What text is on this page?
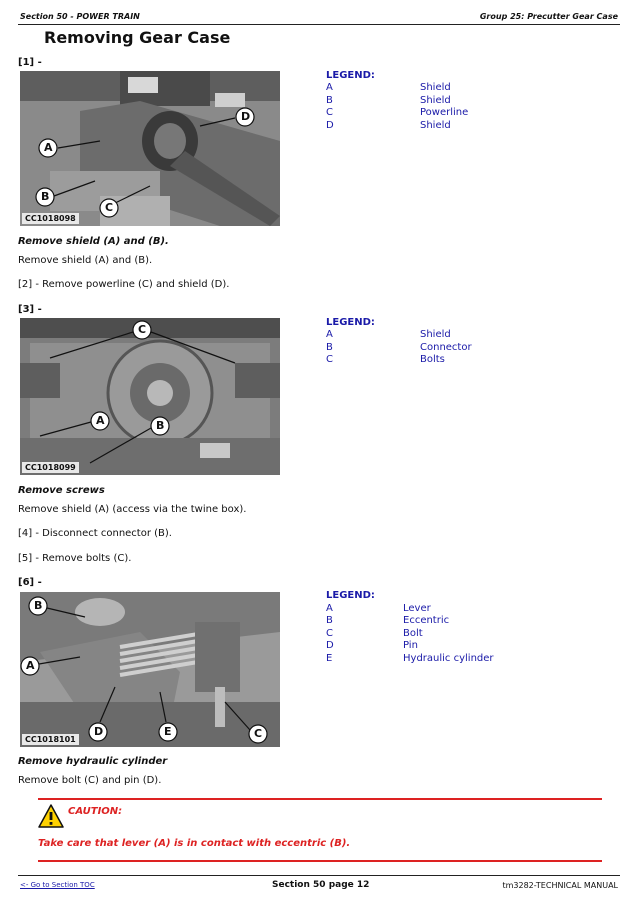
Section 50 - POWER TRAIN	Group 25: Precutter Gear Case
Removing Gear Case
[1] -
CC1018098
A
B
C
D
LEGEND:
A	Shield
B	Shield
C	Powerline
D	Shield
Remove shield (A) and (B).
Remove shield (A) and (B).
[2] - Remove powerline (C) and shield (D).
[3] -
CC1018099
C
A	B
LEGEND:
A	Shield
B	Connector
C	Bolts
Remove screws
Remove shield (A) (access via the twine box).
[4] - Disconnect connector (B).
[5] - Remove bolts (C).
[6] -
CC1018101
B
A
D	E	C
LEGEND:
A	Lever
B	Eccentric
C	Bolt
D	Pin
E	Hydraulic cylinder
Remove hydraulic cylinder
Remove bolt (C) and pin (D).
CAUTION:
Take care that lever (A) is in contact with eccentric (B).
<- Go to Section TOC	Section 50 page 12	tm3282-TECHNICAL MANUAL
